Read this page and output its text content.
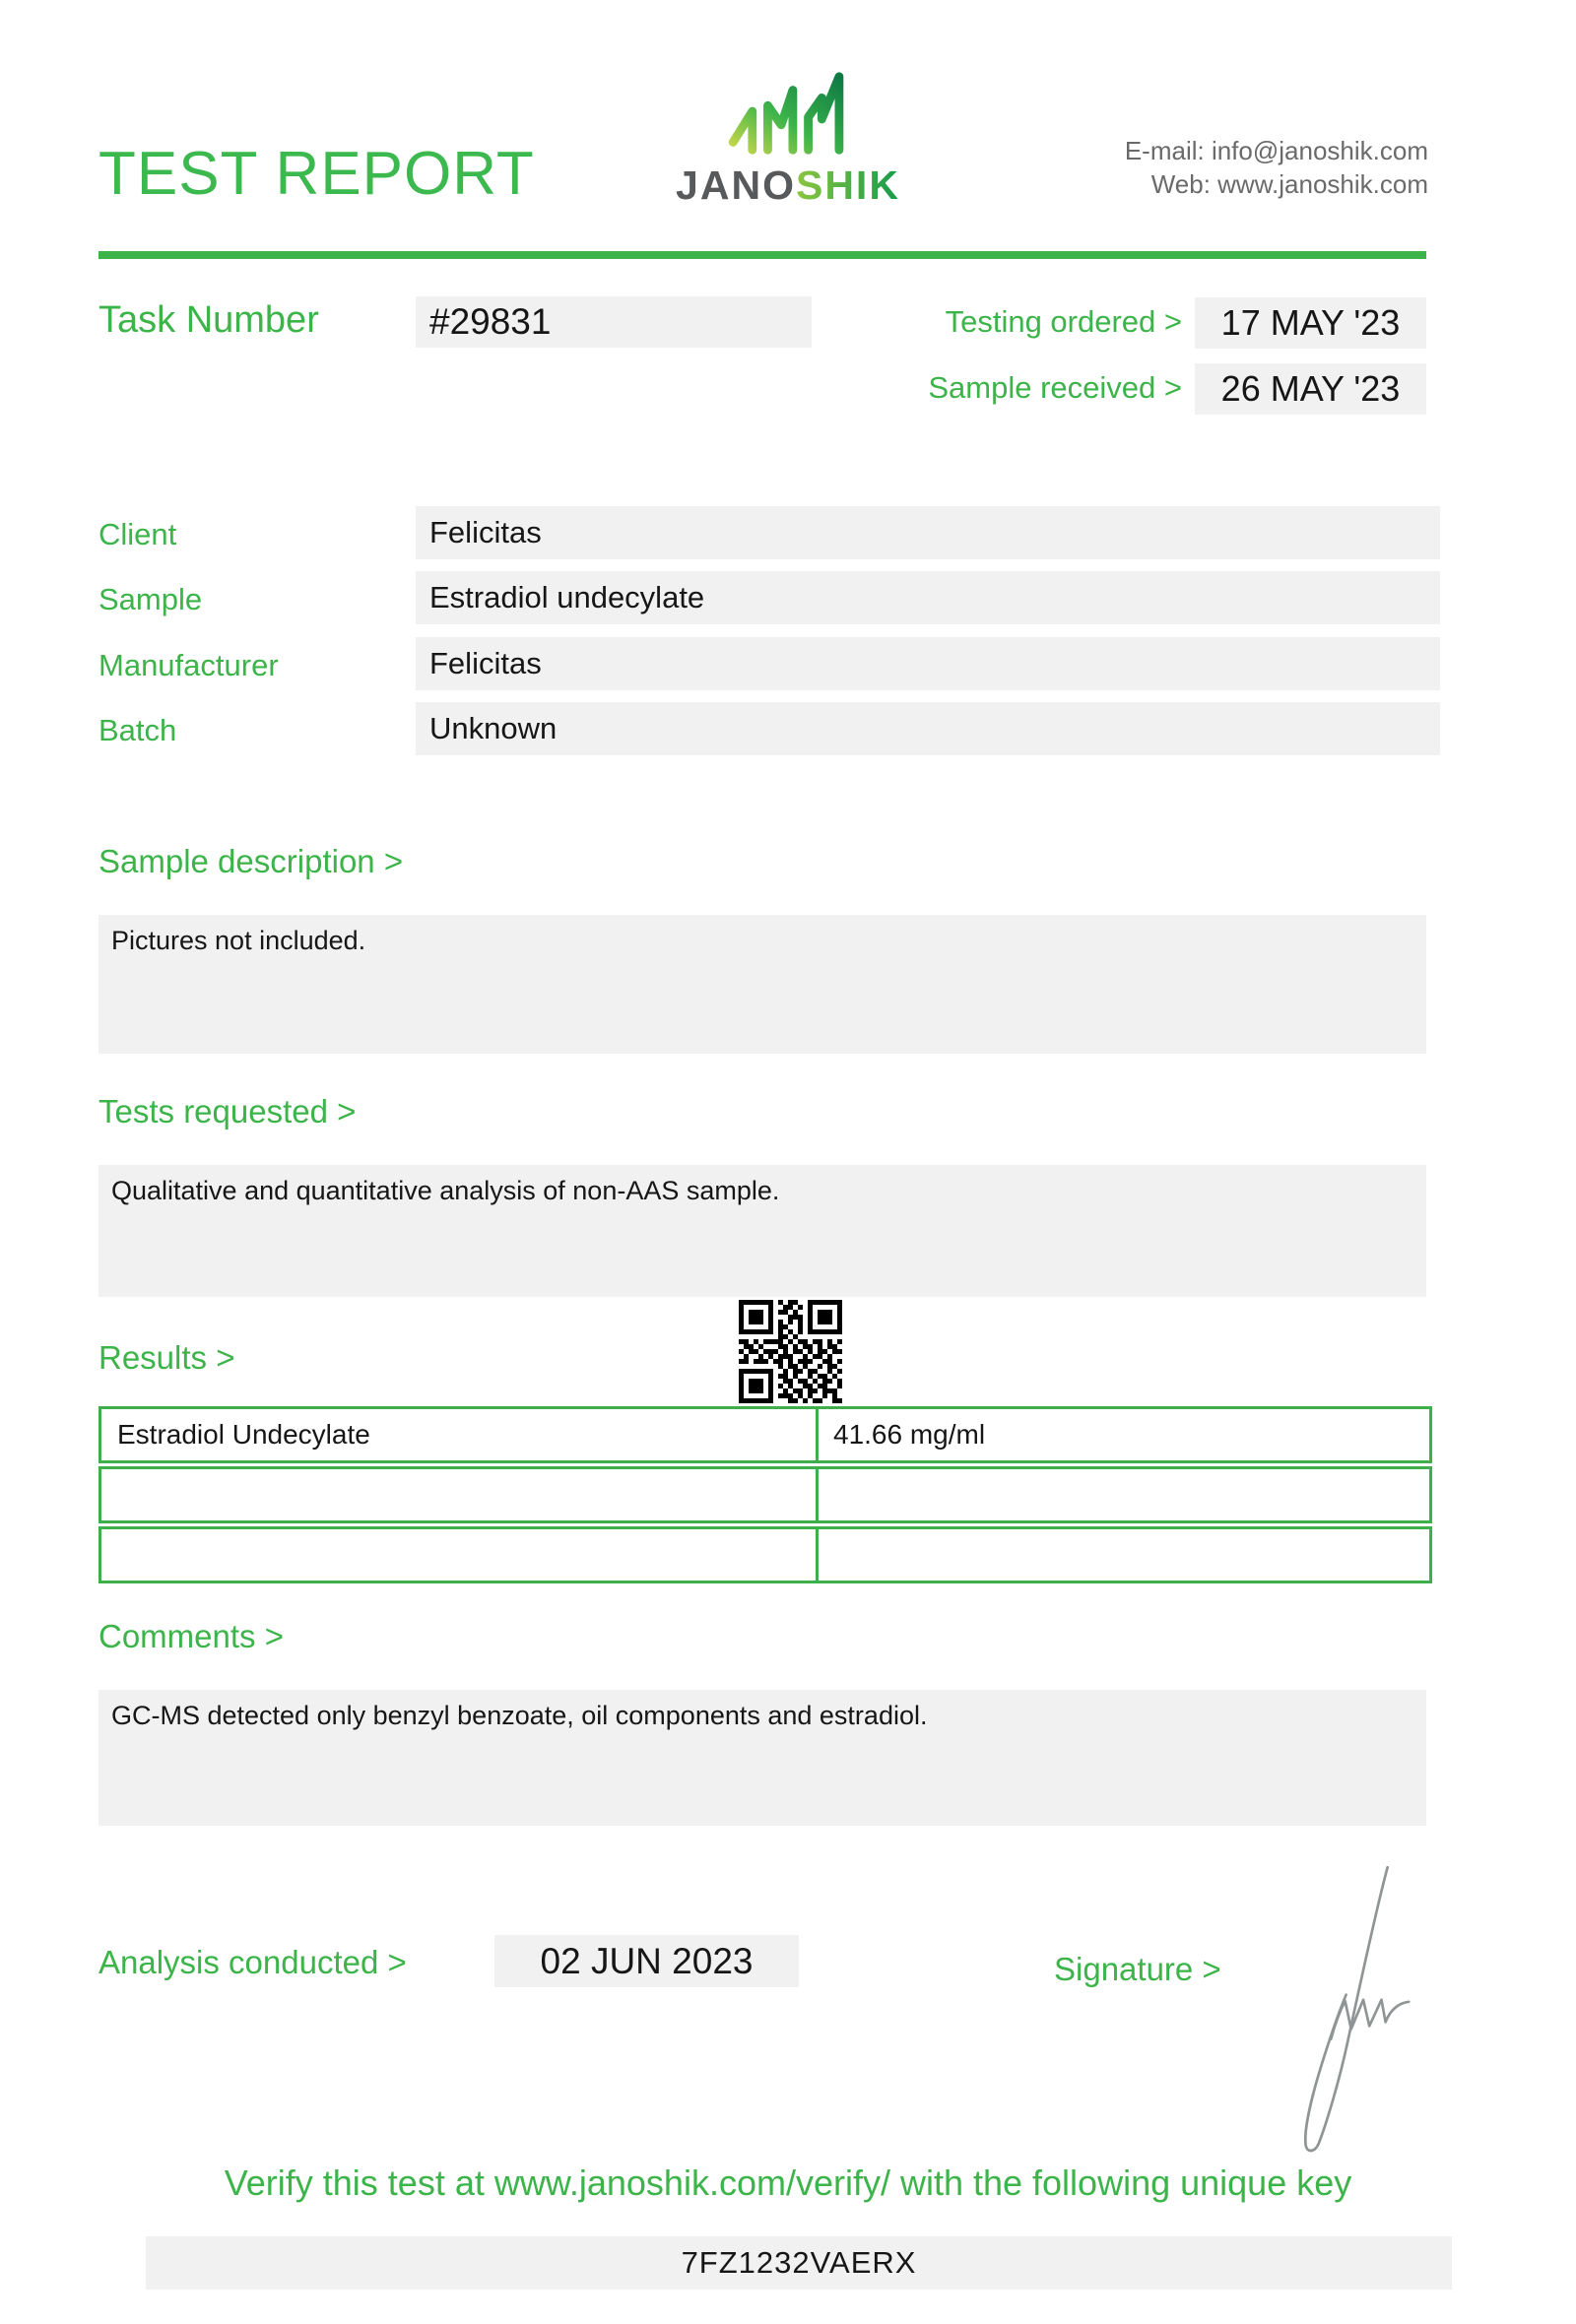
TEST REPORT	JANOSHIK
E-mail: info@janoshik.com
Web: www.janoshik.com
Task Number	#29831	Testing ordered >	17 MAY '23
Sample received >	26 MAY '23
Client	Felicitas
Sample	Estradiol undecylate
Manufacturer	Felicitas
Batch	Unknown
Sample description >
Pictures not included.
Tests requested >
Qualitative and quantitative analysis of non-AAS sample.
Results >
Estradiol Undecylate	41.66 mg/ml
Comments >
GC-MS detected only benzyl benzoate, oil components and estradiol.
Analysis conducted >	02 JUN 2023	Signature >
Verify this test at www.janoshik.com/verify/ with the following unique key
7FZ1232VAERX
